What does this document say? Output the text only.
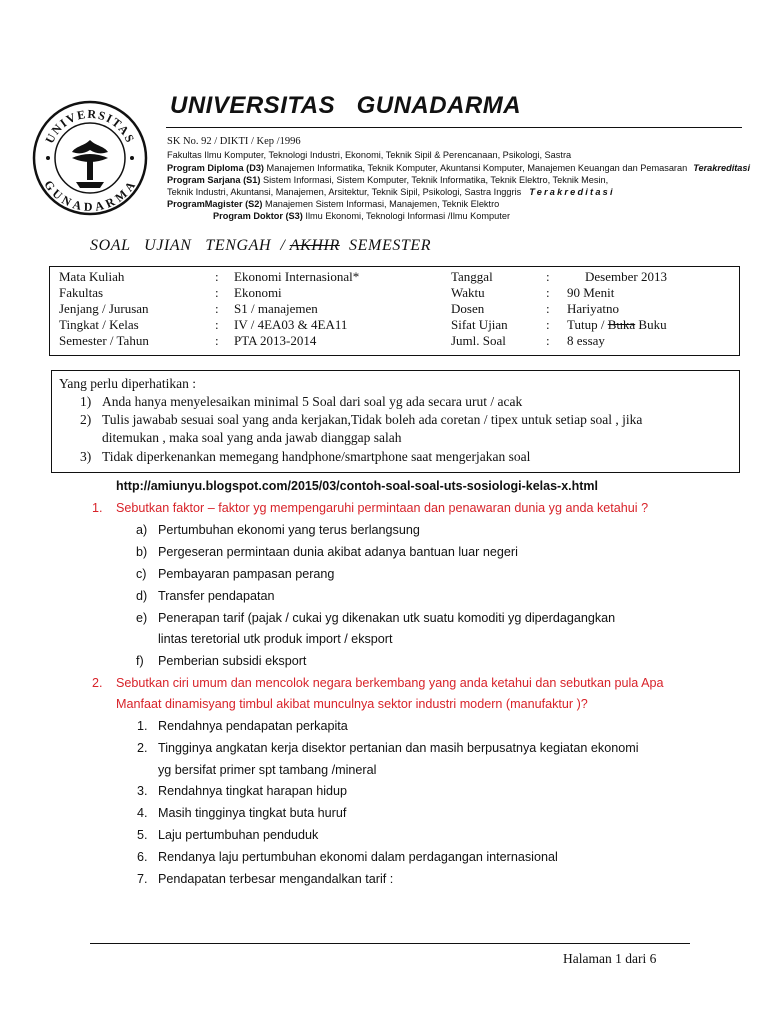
UNIVERSITAS
GUNADARMA
UNIVERSITAS   GUNADARMA
SK No. 92 / DIKTI / Kep /1996
Fakultas Ilmu Komputer, Teknologi Industri, Ekonomi, Teknik Sipil & Perencanaan, Psikologi, Sastra
Program Diploma (D3) Manajemen Informatika, Teknik Komputer, Akuntansi Komputer, Manajemen Keuangan dan Pemasaran Terakreditasi
Program Sarjana (S1) Sistem Informasi, Sistem Komputer, Teknik Informatika, Teknik Elektro, Teknik Mesin,
Teknik Industri, Akuntansi, Manajemen, Arsitektur, Teknik Sipil, Psikologi, Sastra Inggris Terakreditasi
ProgramMagister (S2) Manajemen Sistem Informasi, Manajemen, Teknik Elektro
Program Doktor (S3) Ilmu Ekonomi, Teknologi Informasi /Ilmu Komputer
SOAL   UJIAN   TENGAH  / AKHIR  SEMESTER
Mata Kuliah
Fakultas
Jenjang / Jurusan
Tingkat / Kelas
Semester / Tahun
:
:
:
:
:
Ekonomi Internasional*
Ekonomi
S1 / manajemen
IV / 4EA03 & 4EA11
PTA 2013-2014
Tanggal
Waktu
Dosen
Sifat Ujian
Juml. Soal
:
:
:
:
:
Desember 2013
90 Menit
Hariyatno
Tutup / Buka Buku
8 essay
Yang perlu diperhatikan :
1) Anda hanya menyelesaikan minimal 5 Soal dari soal yg ada secara urut / acak
2) Tulis jawabab sesuai soal yang anda kerjakan,Tidak boleh ada coretan / tipex untuk setiap soal , jika
ditemukan , maka soal yang anda jawab dianggap salah
3) Tidak diperkenankan memegang handphone/smartphone saat mengerjakan soal
http://amiunyu.blogspot.com/2015/03/contoh-soal-soal-uts-sosiologi-kelas-x.html
1. Sebutkan faktor – faktor yg mempengaruhi permintaan dan penawaran dunia yg anda ketahui ?
a) Pertumbuhan ekonomi yang terus berlangsung
b) Pergeseran permintaan dunia akibat adanya bantuan luar negeri
c) Pembayaran pampasan perang
d) Transfer pendapatan
e) Penerapan tarif (pajak / cukai yg dikenakan utk suatu komoditi yg diperdagangkan
lintas teretorial utk produk import / eksport
f) Pemberian subsidi eksport
2. Sebutkan ciri umum dan mencolok negara berkembang yang anda ketahui dan sebutkan pula Apa
Manfaat dinamisyang timbul akibat munculnya sektor industri modern (manufaktur )?
1. Rendahnya pendapatan perkapita
2. Tingginya angkatan kerja disektor pertanian dan masih berpusatnya kegiatan ekonomi
yg bersifat primer spt tambang /mineral
3. Rendahnya tingkat harapan hidup
4. Masih tingginya tingkat buta huruf
5. Laju pertumbuhan penduduk
6. Rendanya laju pertumbuhan ekonomi dalam perdagangan internasional
7. Pendapatan terbesar mengandalkan tarif :
Halaman 1 dari 6
